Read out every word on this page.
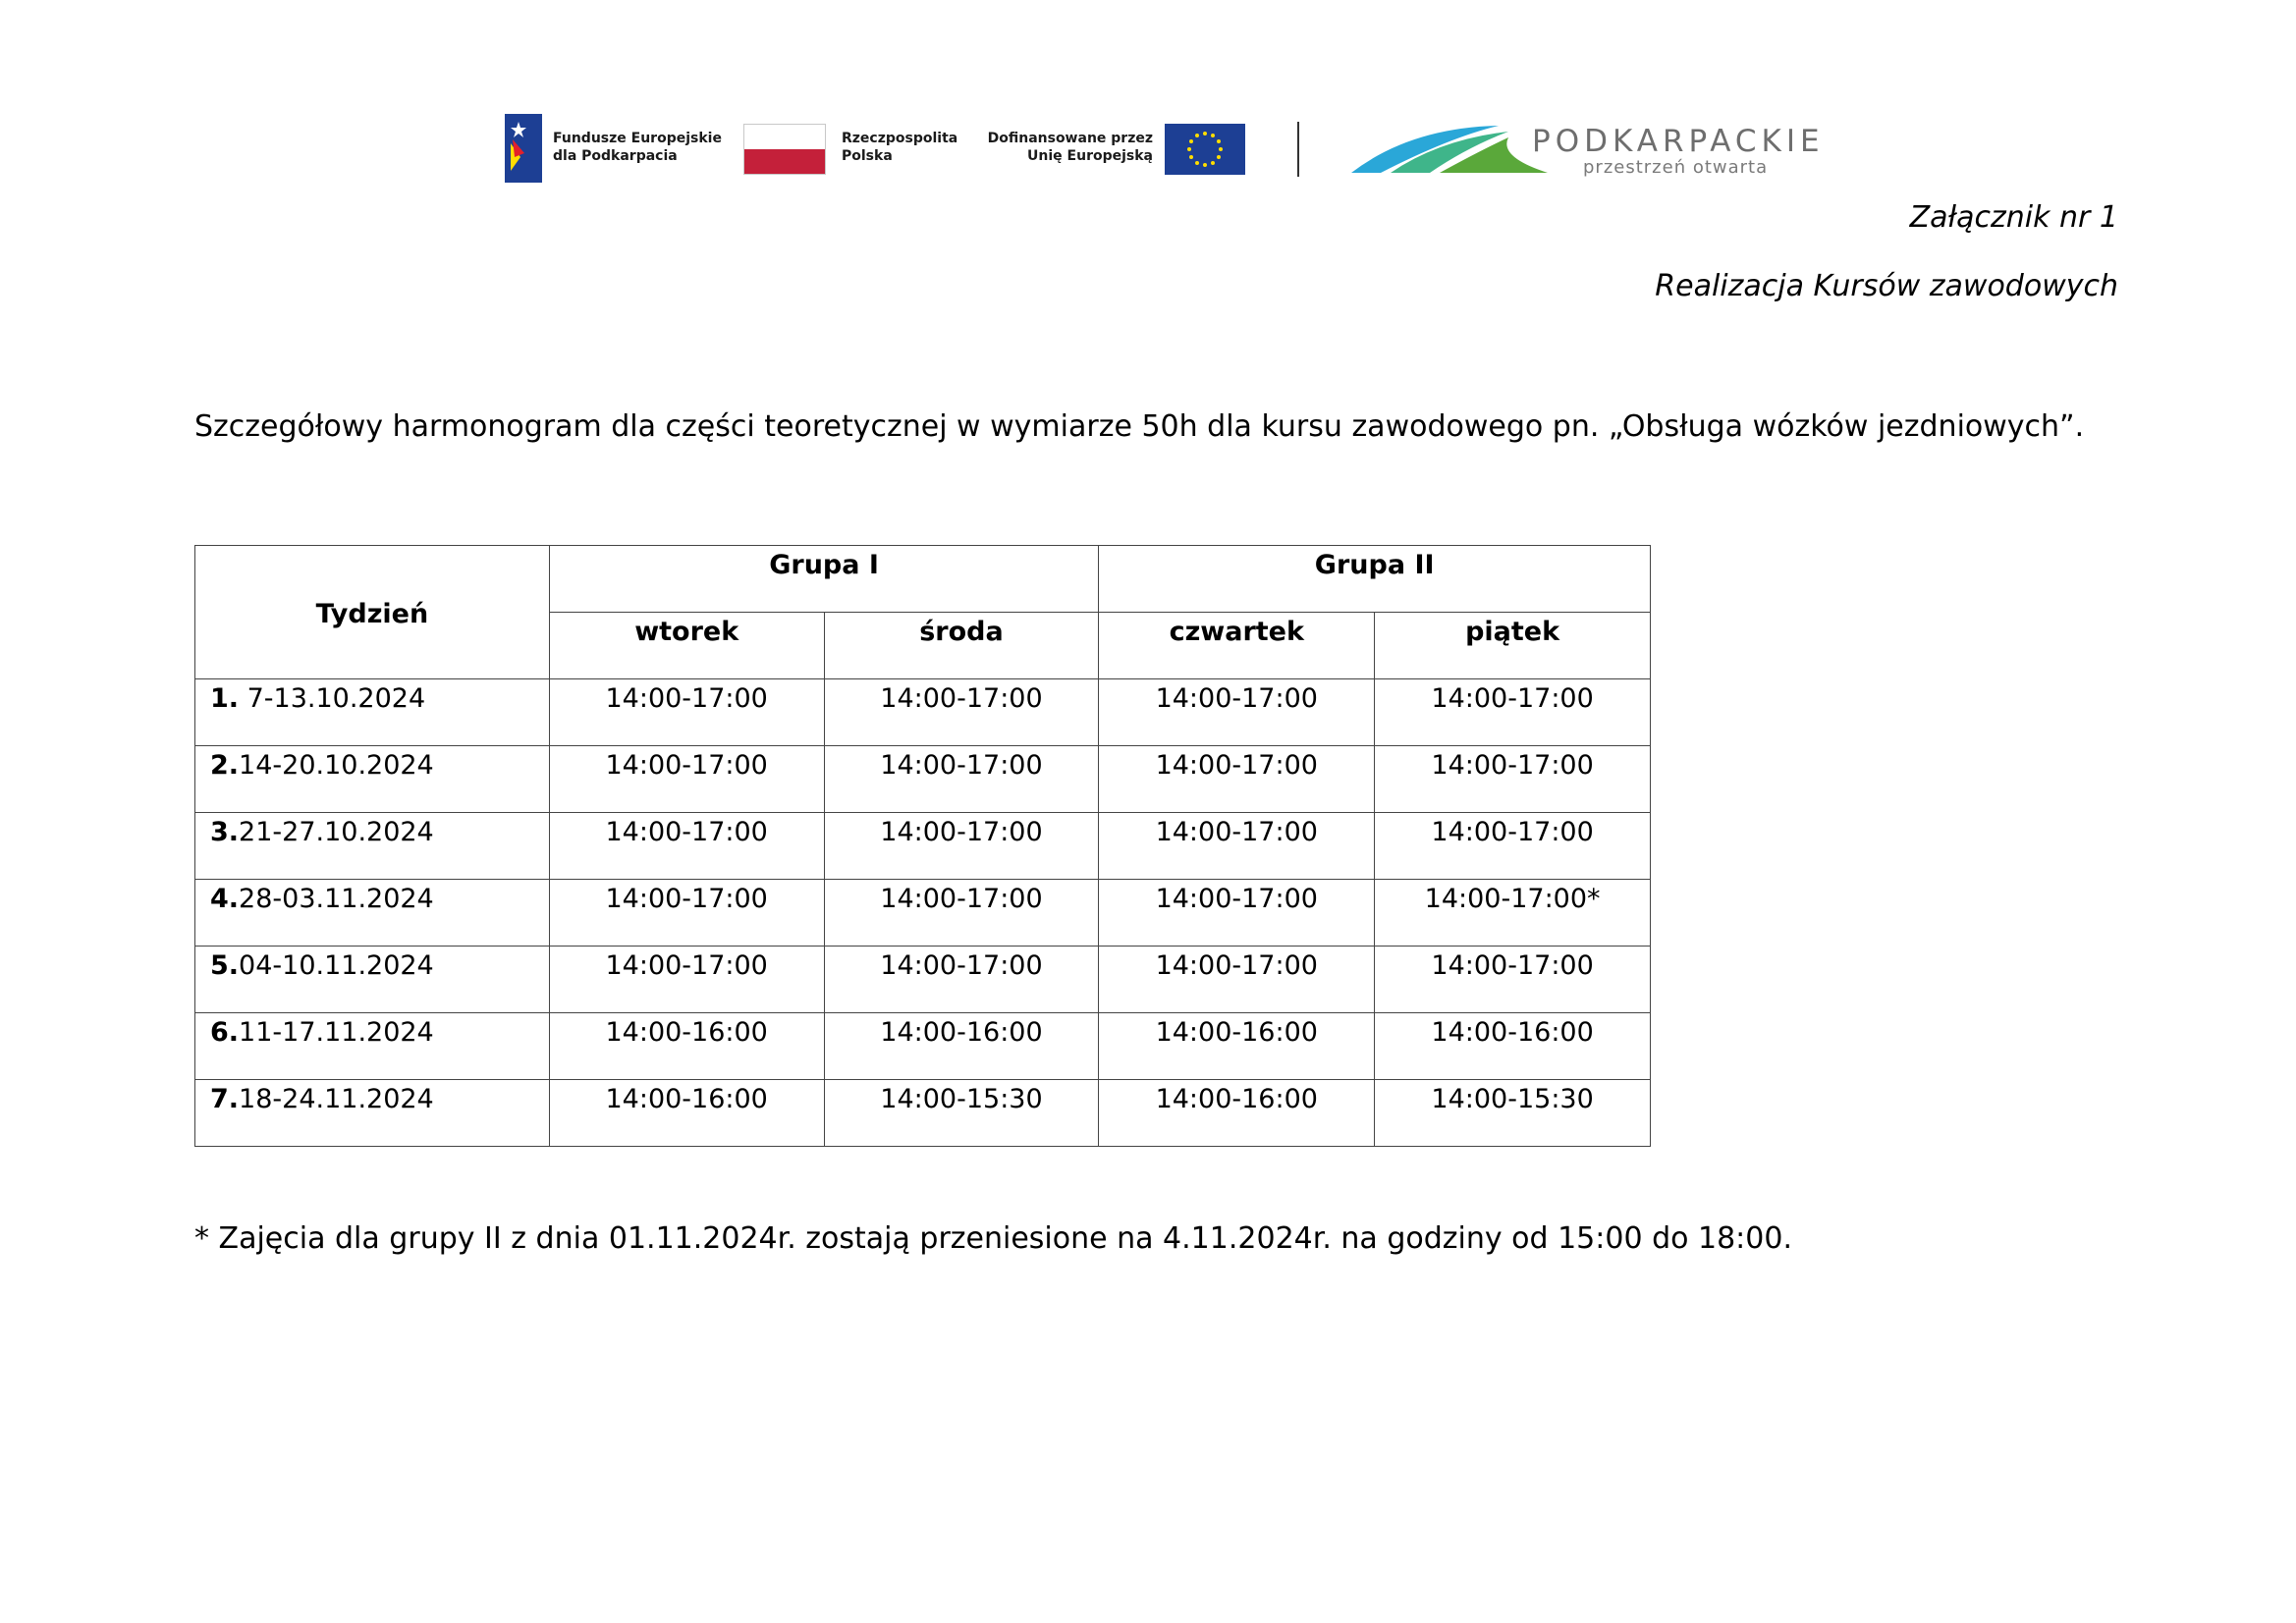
Fundusze Europejskie
dla Podkarpacia
Rzeczpospolita
Polska
Dofinansowane przez
Unię Europejską	PODKARPACKIE
przestrzeń otwarta
Załącznik nr 1
Realizacja Kursów zawodowych
Szczegółowy harmonogram dla części teoretycznej w wymiarze 50h dla kursu zawodowego pn. „Obsługa wózków jezdniowych”.
Tydzień	Grupa I		Grupa II	
	wtorek	środa	czwartek	piątek
1. 7-13.10.2024	14:00-17:00	14:00-17:00	14:00-17:00	14:00-17:00
2.14-20.10.2024	14:00-17:00	14:00-17:00	14:00-17:00	14:00-17:00
3.21-27.10.2024	14:00-17:00	14:00-17:00	14:00-17:00	14:00-17:00
4.28-03.11.2024	14:00-17:00	14:00-17:00	14:00-17:00	14:00-17:00*
5.04-10.11.2024	14:00-17:00	14:00-17:00	14:00-17:00	14:00-17:00
6.11-17.11.2024	14:00-16:00	14:00-16:00	14:00-16:00	14:00-16:00
7.18-24.11.2024	14:00-16:00	14:00-15:30	14:00-16:00	14:00-15:30
* Zajęcia dla grupy II z dnia 01.11.2024r. zostają przeniesione na 4.11.2024r. na godziny od 15:00 do 18:00.
